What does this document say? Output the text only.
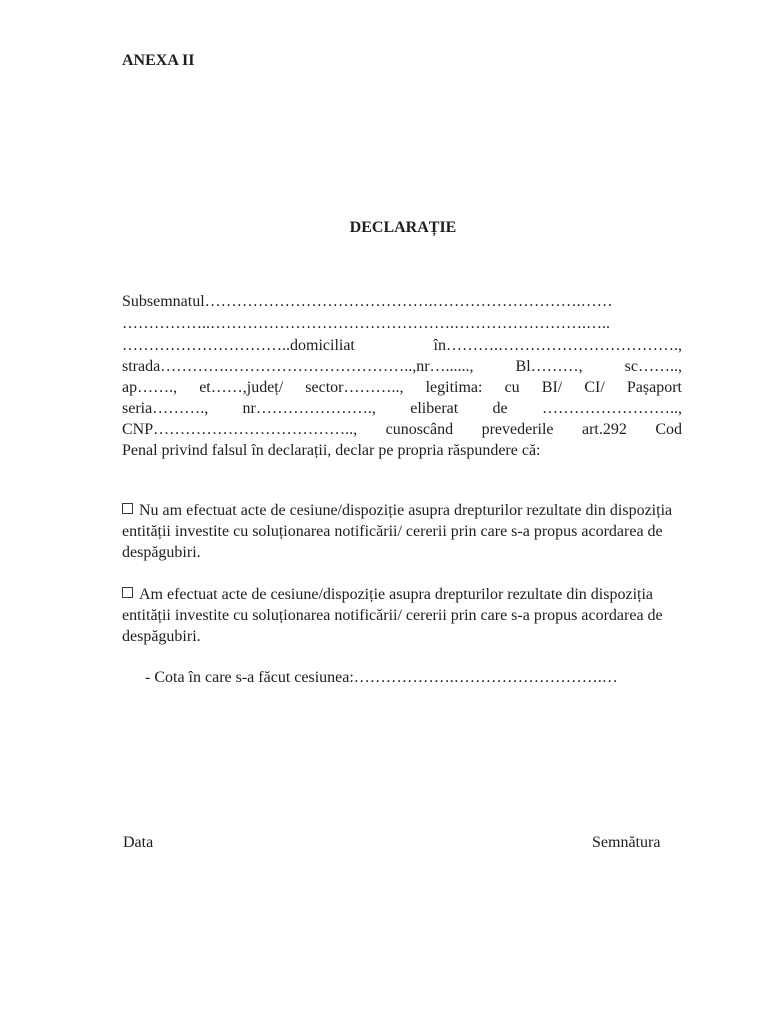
ANEXA II
DECLARAȚIE
Subsemnatul…………………………………….……………………….……
……………..……………………………………….…………………….…..
…………………………..domiciliat în……….…………………………….,
strada………….……………………………..,nr…......, Bl………, sc……..,
ap……., et……,județ/ sector……….., legitima: cu BI/ CI/ Pașaport
seria………., nr…………………., eliberat de ……………………..,
CNP……………………………….., cunoscând prevederile art.292 Cod
Penal privind falsul în declarații, declar pe propria răspundere că:
Nu am efectuat acte de cesiune/dispoziție asupra drepturilor rezultate din dispoziția entității investite cu soluționarea notificării/ cererii prin care s-a propus acordarea de despăgubiri.
Am efectuat acte de cesiune/dispoziție asupra drepturilor rezultate din dispoziția entității investite cu soluționarea notificării/ cererii prin care s-a propus acordarea de despăgubiri.
- Cota în care s-a făcut cesiunea:……………….……………………….…
Data	Semnătura
